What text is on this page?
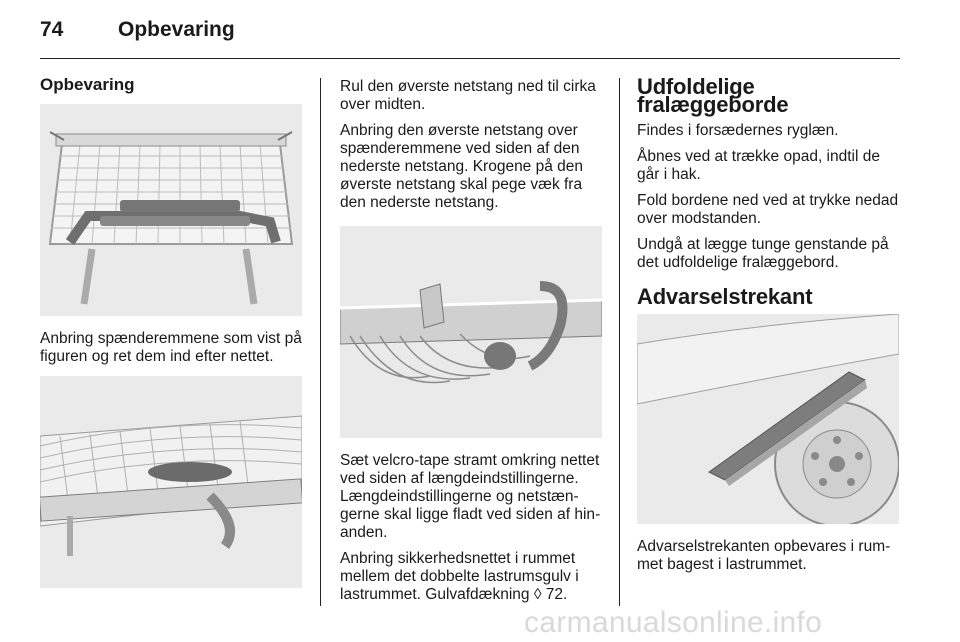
74	Opbevaring
Opbevaring

Anbring spænderemmene som vist på figuren og ret dem ind efter nettet.

Rul den øverste netstang ned til cirka over midten.

Anbring den øverste netstang over spænderemmene ved siden af den nederste netstang. Krogene på den øverste netstang skal pege væk fra den nederste netstang.

Sæt velcro-tape stramt omkring nettet ved siden af længdeindstillingerne. Længdeindstillingerne og netstængerne skal ligge fladt ved siden af hinanden.

Anbring sikkerhedsnettet i rummet mellem det dobbelte lastrumsgulv i lastrummet. Gulvafdækning ◊ 72.

Udfoldelige fralæggeborde

Findes i forsædernes ryglæn.

Åbnes ved at trække opad, indtil de går i hak.

Fold bordene ned ved at trykke nedad over modstanden.

Undgå at lægge tunge genstande på det udfoldelige fralæggebord.

Advarselstrekant

Advarselstrekanten opbevares i rummet bagest i lastrummet.

carmanualsonline.info
